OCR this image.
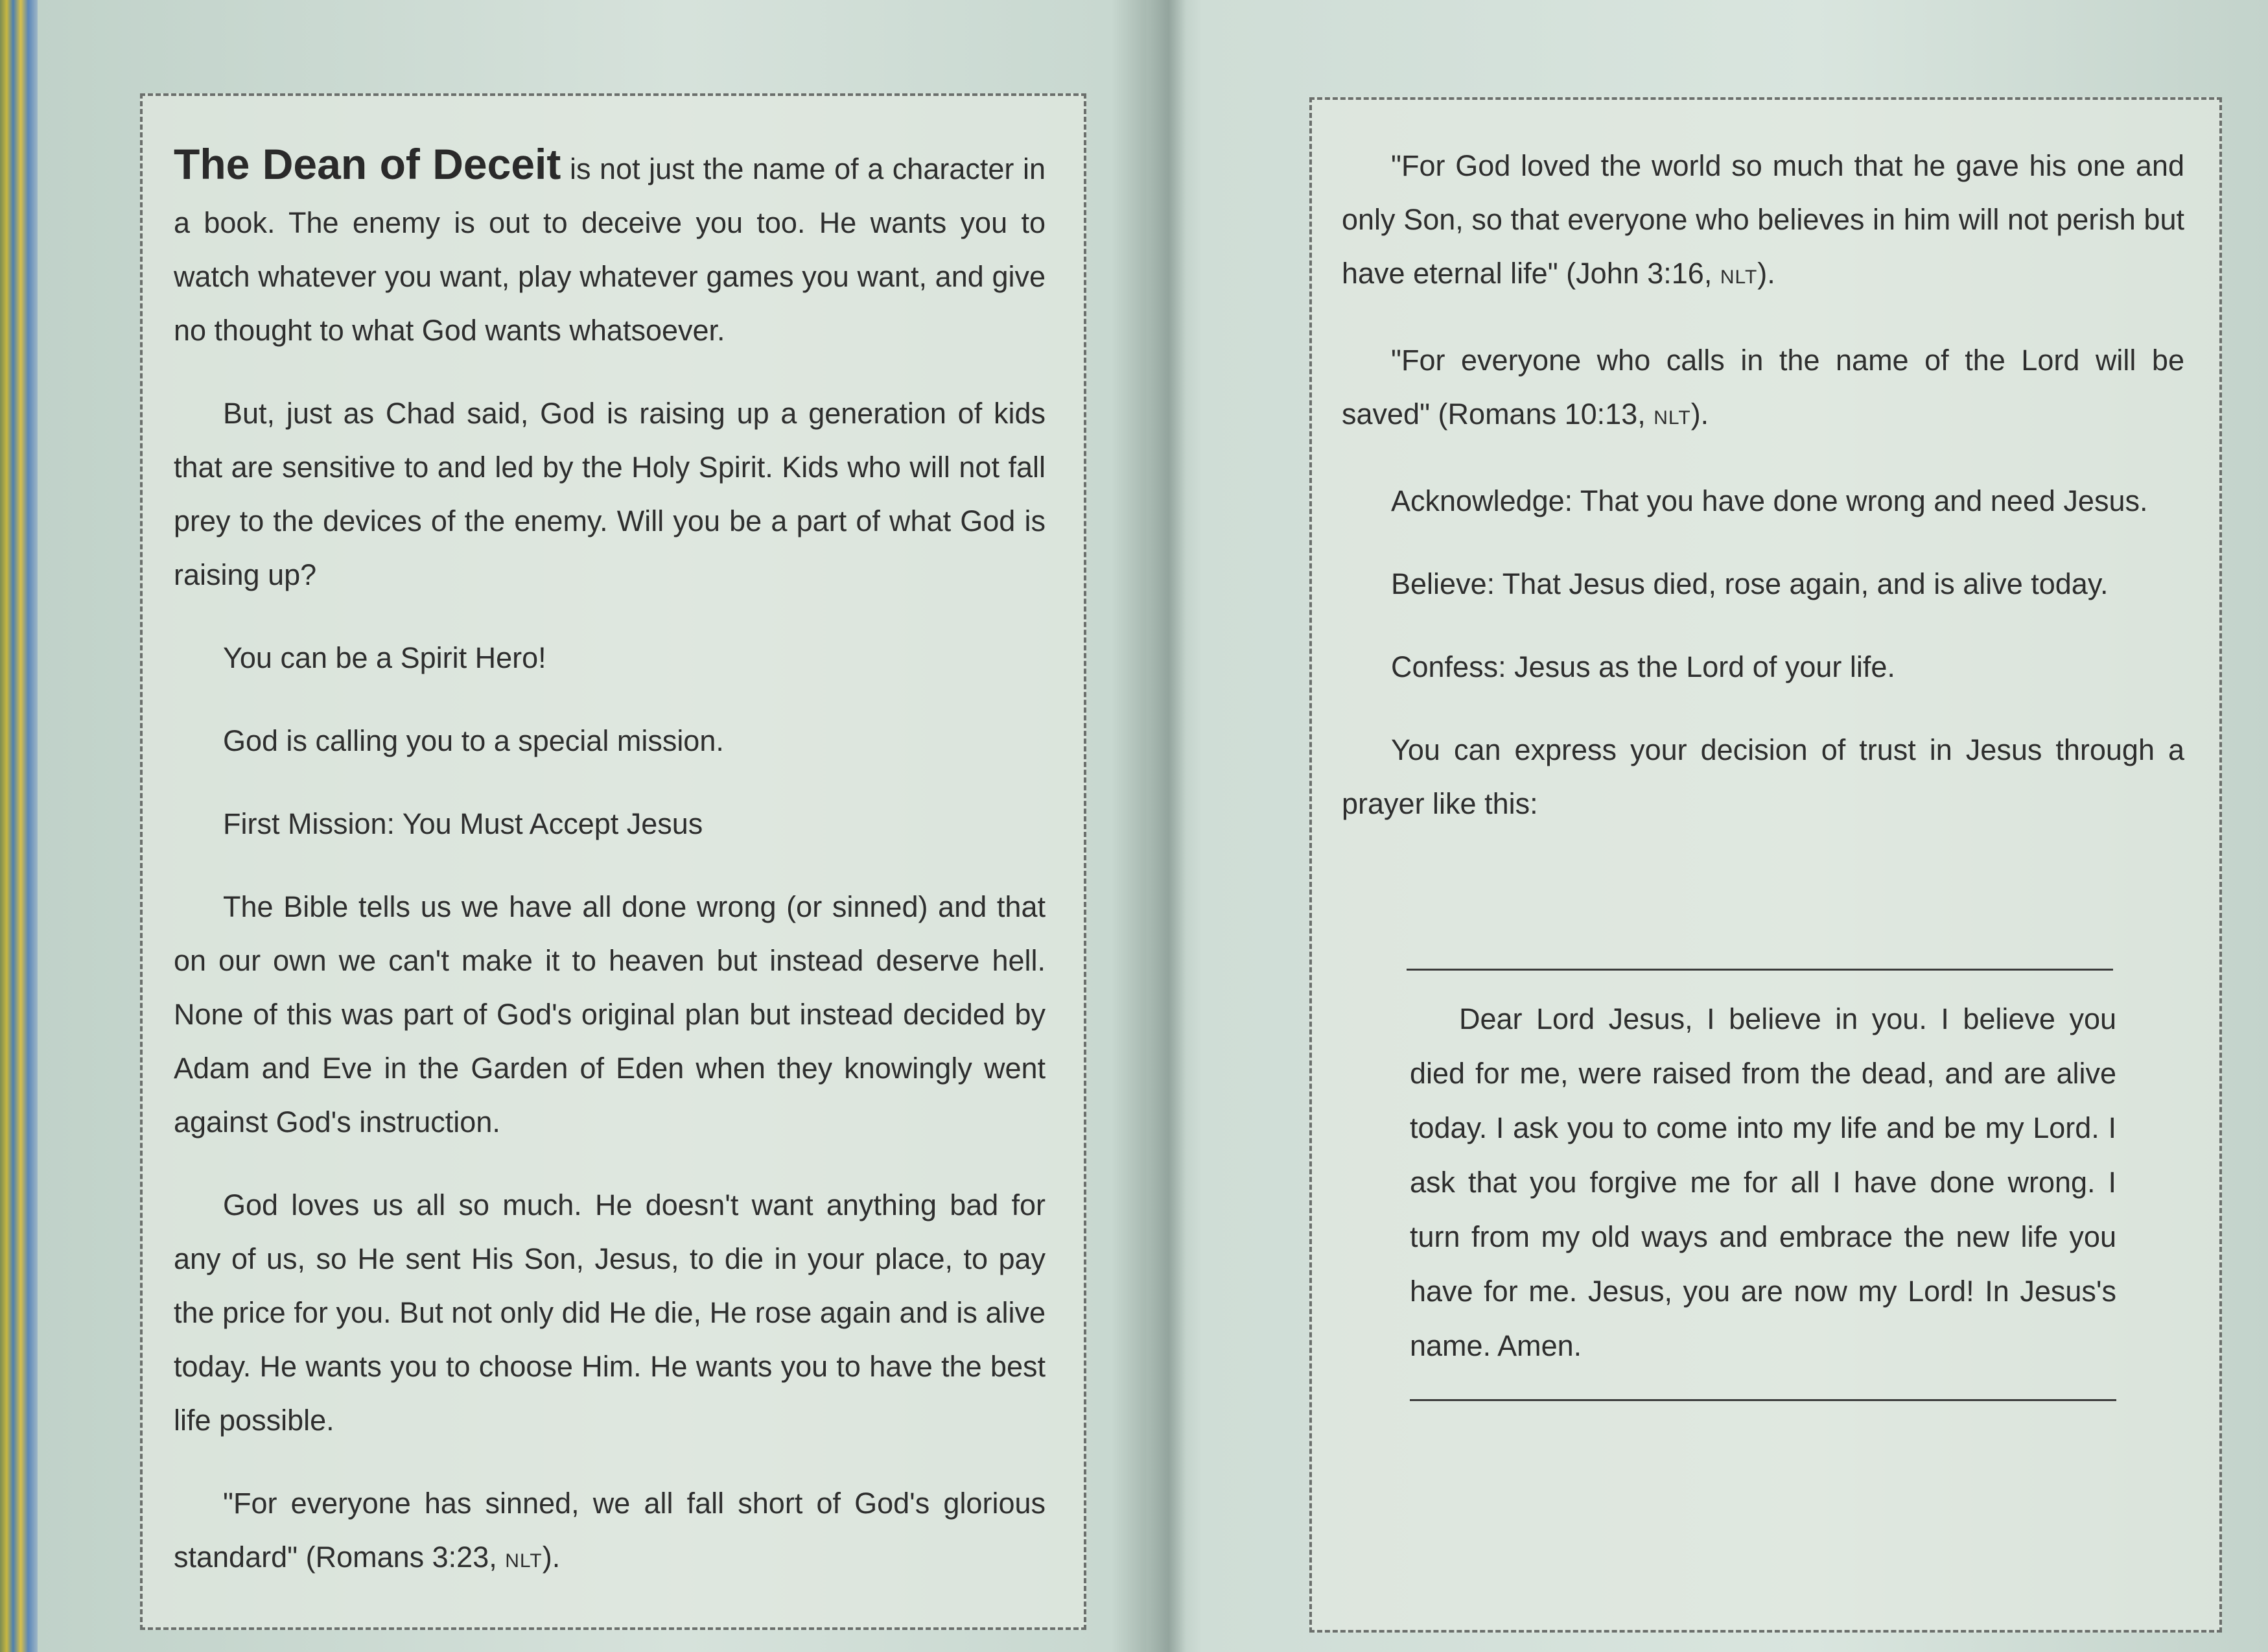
The Dean of Deceit is not just the name of a character in a book. The enemy is out to deceive you too. He wants you to watch whatever you want, play whatever games you want, and give no thought to what God wants whatsoever.

But, just as Chad said, God is raising up a generation of kids that are sensitive to and led by the Holy Spirit. Kids who will not fall prey to the devices of the enemy. Will you be a part of what God is raising up?

You can be a Spirit Hero!

God is calling you to a special mission.

First Mission: You Must Accept Jesus

The Bible tells us we have all done wrong (or sinned) and that on our own we can't make it to heaven but instead deserve hell. None of this was part of God's original plan but instead decided by Adam and Eve in the Garden of Eden when they knowingly went against God's instruction.

God loves us all so much. He doesn't want anything bad for any of us, so He sent His Son, Jesus, to die in your place, to pay the price for you. But not only did He die, He rose again and is alive today. He wants you to choose Him. He wants you to have the best life possible.

"For everyone has sinned, we all fall short of God's glorious standard" (Romans 3:23, NLT).

"For God loved the world so much that he gave his one and only Son, so that everyone who believes in him will not perish but have eternal life" (John 3:16, NLT).

"For everyone who calls in the name of the Lord will be saved" (Romans 10:13, NLT).

Acknowledge: That you have done wrong and need Jesus.

Believe: That Jesus died, rose again, and is alive today.

Confess: Jesus as the Lord of your life.

You can express your decision of trust in Jesus through a prayer like this:

Dear Lord Jesus, I believe in you. I believe you died for me, were raised from the dead, and are alive today. I ask you to come into my life and be my Lord. I ask that you forgive me for all I have done wrong. I turn from my old ways and embrace the new life you have for me. Jesus, you are now my Lord! In Jesus's name. Amen.
